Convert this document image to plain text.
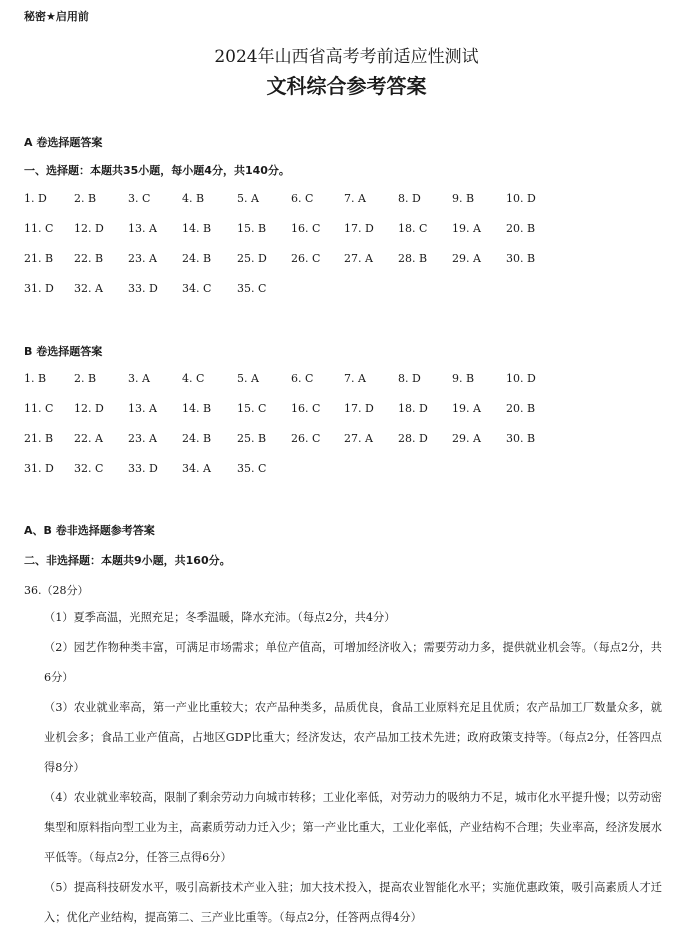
秘密★启用前
2024年山西省高考考前适应性测试
文科综合参考答案
A 卷选择题答案
一、选择题：本题共35小题，每小题4分，共140分。
1. D 2. B	3. C	4. B	5. A	6. C	7. A	8. D	9. B	10. D
11. C 12. D 13. A 14. B 15. B 16. C 17. D 18. C 19. A 20. B
21. B 22. B 23. A 24. B 25. D 26. C 27. A 28. B 29. A 30. B
31. D 32. A 33. D 34. C 35. C
B 卷选择题答案
1. B	2. B	3. A	4. C	5. A	6. C	7. A	8. D	9. B	10. D
11. C 12. D 13. A 14. B 15. C 16. C 17. D 18. D 19. A 20. B
21. B 22. A 23. A 24. B 25. B 26. C 27. A 28. D 29. A 30. B
31. D 32. C 33. D 34. A 35. C
A、B 卷非选择题参考答案
二、非选择题：本题共9小题，共160分。
36.（28分）
（1）夏季高温，光照充足；冬季温暖，降水充沛。（每点2分，共4分）
（2）园艺作物种类丰富，可满足市场需求；单位产值高，可增加经济收入；需要劳动力多，提供就业机会等。（每点2分，共6分）
（3）农业就业率高，第一产业比重较大；农产品种类多，品质优良，食品工业原料充足且优质；农产品加工厂数量众多，就业机会多；食品工业产值高，占地区GDP比重大；经济发达，农产品加工技术先进；政府政策支持等。（每点2分，任答四点得8分）
（4）农业就业率较高，限制了剩余劳动力向城市转移；工业化率低，对劳动力的吸纳力不足，城市化水平提升慢；以劳动密集型和原料指向型工业为主，高素质劳动力迁入少；第一产业比重大，工业化率低，产业结构不合理；失业率高，经济发展水平低等。（每点2分，任答三点得6分）
（5）提高科技研发水平，吸引高新技术产业入驻；加大技术投入，提高农业智能化水平；实施优惠政策，吸引高素质人才迁入；优化产业结构，提高第二、三产业比重等。（每点2分，任答两点得4分）
